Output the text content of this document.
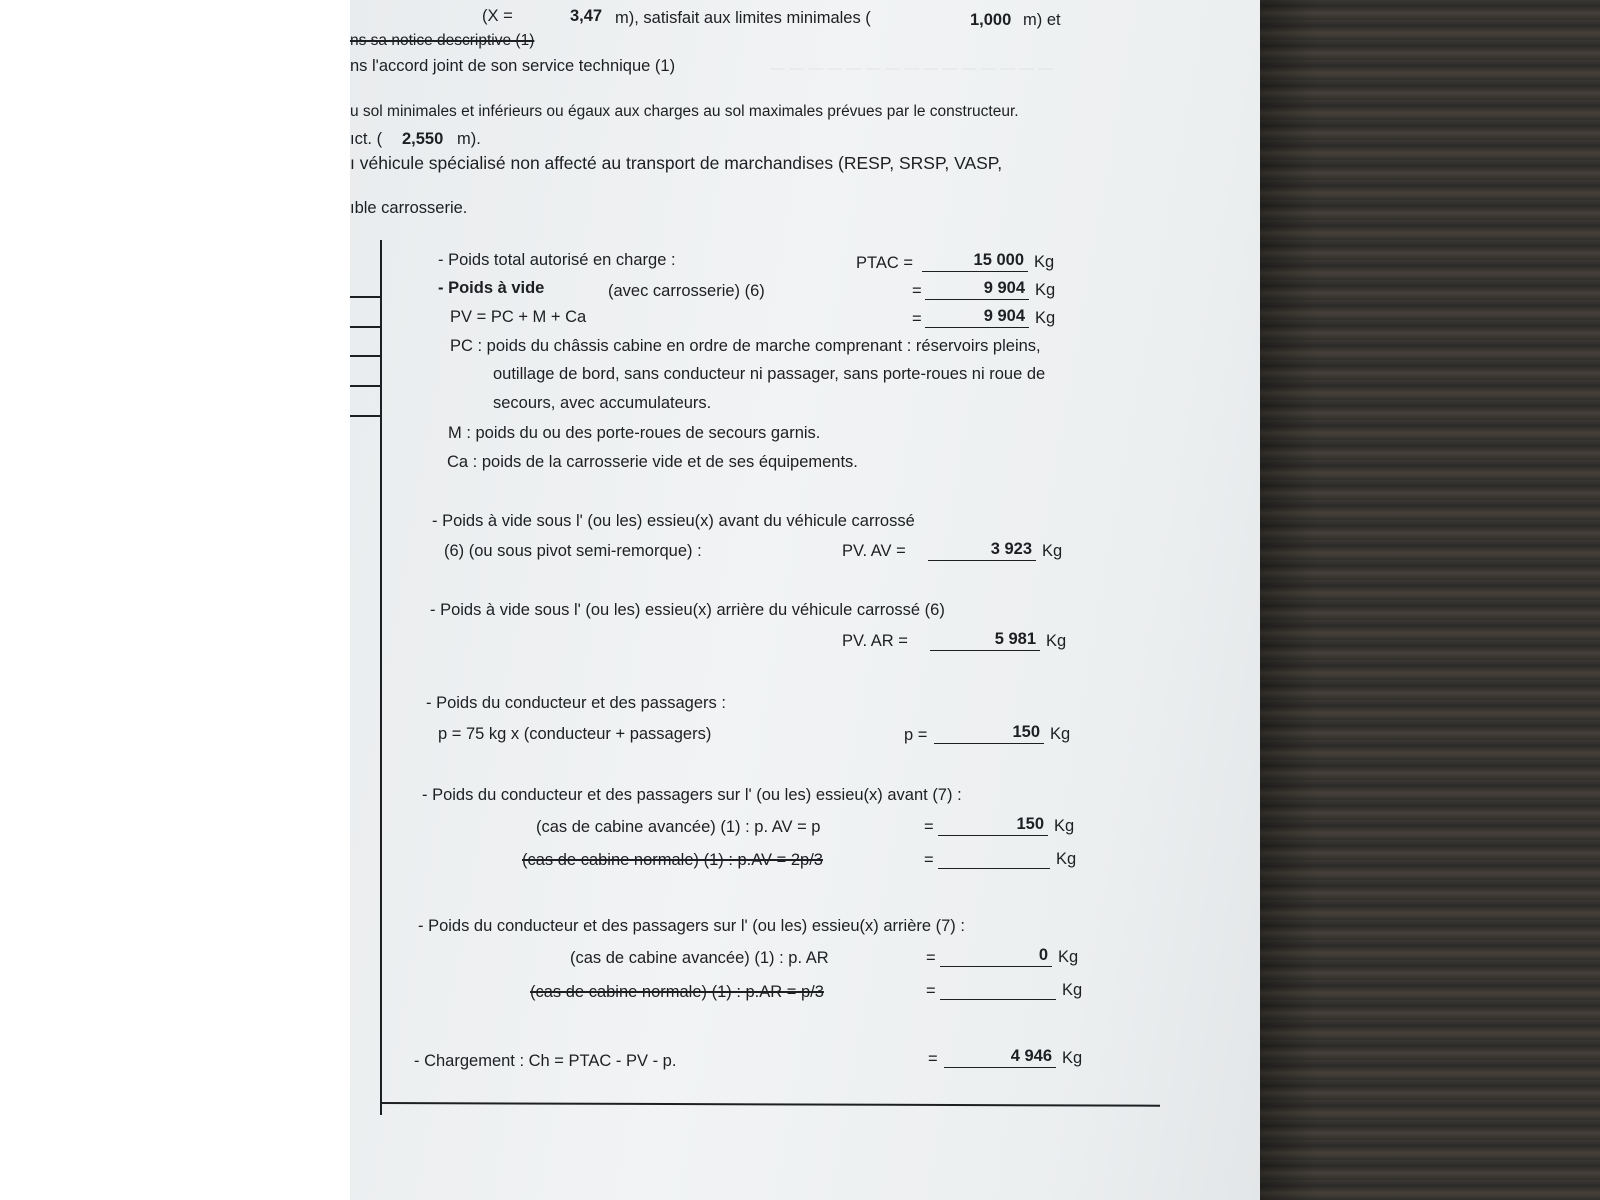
— — — — — — — — — — — — — — —
(X =	3,47 m), satisfait aux limites minimales (	1,000 m) et
ns sa notice descriptive (1)
ns l'accord joint de son service technique (1)
u sol minimales et inférieurs ou égaux aux charges au sol maximales prévues par le constructeur.
ıct. ( 2,550 m).
ı véhicule spécialisé non affecté au transport de marchandises (RESP, SRSP, VASP,
ıble carrosserie.
- Poids total autorisé en charge :	PTAC =	15 000 Kg
- Poids à vide	(avec carrosserie) (6)	=	9 904 Kg
PV = PC + M + Ca	=	9 904 Kg
PC : poids du châssis cabine en ordre de marche comprenant : réservoirs pleins,
outillage de bord, sans conducteur ni passager, sans porte-roues ni roue de
secours, avec accumulateurs.
M : poids du ou des porte-roues de secours garnis.
Ca : poids de la carrosserie vide et de ses équipements.
- Poids à vide sous l' (ou les) essieu(x) avant du véhicule carrossé
(6) (ou sous pivot semi-remorque) :	PV. AV =	3 923 Kg
- Poids à vide sous l' (ou les) essieu(x) arrière du véhicule carrossé (6)
PV. AR =	5 981 Kg
- Poids du conducteur et des passagers :
p = 75 kg x (conducteur + passagers)	p =	150 Kg
- Poids du conducteur et des passagers sur l' (ou les) essieu(x) avant (7) :
(cas de cabine avancée) (1) : p. AV = p	=	150 Kg
(cas de cabine normale) (1) : p.AV = 2p/3	=	Kg
- Poids du conducteur et des passagers sur l' (ou les) essieu(x) arrière (7) :
(cas de cabine avancée) (1) : p. AR	=	0 Kg
(cas de cabine normale) (1) : p.AR = p/3	=	Kg
- Chargement : Ch = PTAC - PV - p.	=	4 946 Kg
